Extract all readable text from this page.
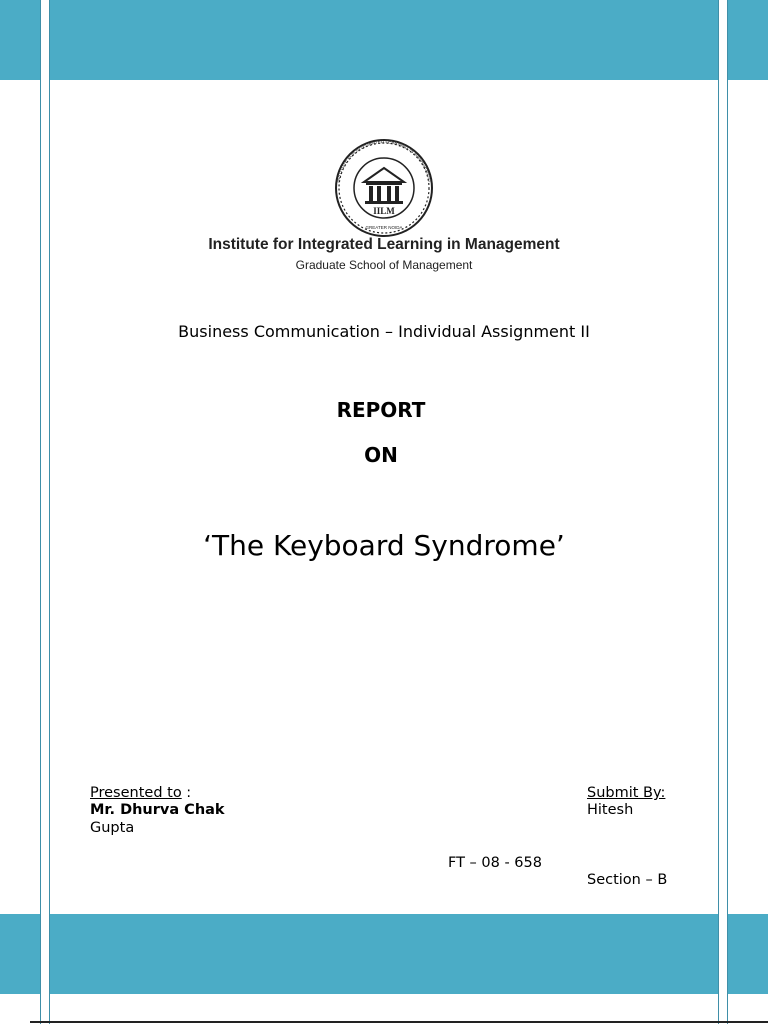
IILM
GREATER NOIDA
INSTITUTE FOR INTEGRATED LEARNING IN MANAGEMENT
Institute for Integrated Learning in Management
Graduate School of Management
Business Communication – Individual Assignment II
REPORT
ON
‘The Keyboard Syndrome’
Presented to :
Mr. Dhurva Chak
Gupta
Submit By:
Hitesh
FT – 08 - 658
Section – B
